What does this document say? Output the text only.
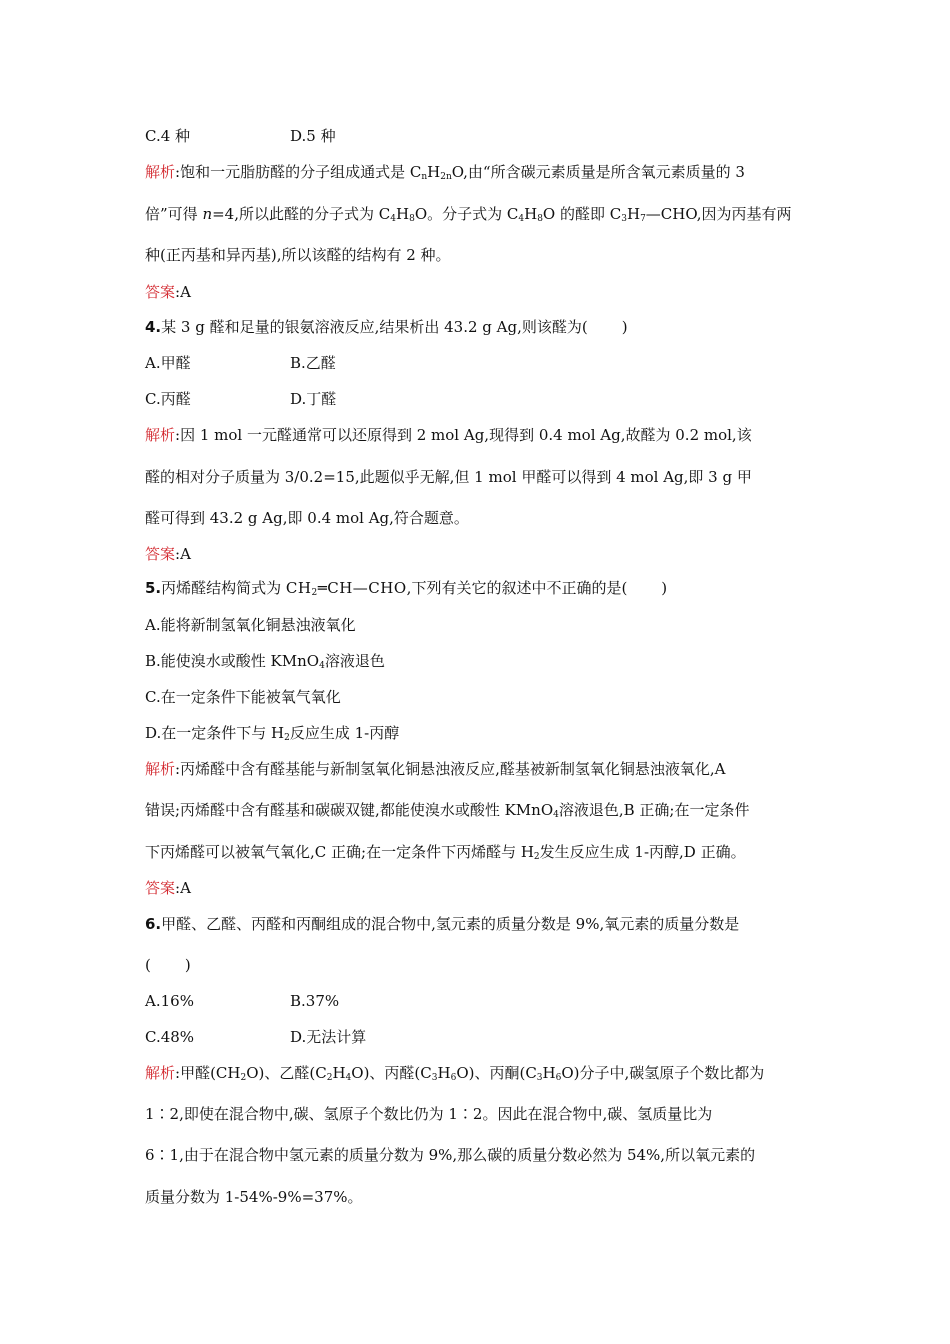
C.4 种	D.5 种
解析:饱和一元脂肪醛的分子组成通式是 $C_nH_{2n}O$,由“所含碳元素质量是所含氧元素质量的 3
倍”可得 n=4,所以此醛的分子式为 $C_4H_8O$。分子式为 $C_4H_8O$ 的醛即 $C_3H_7—CHO$,因为丙基有两
种(正丙基和异丙基),所以该醛的结构有 2 种。
答案:A
4.某 3 g 醛和足量的银氨溶液反应,结果析出 43.2 g Ag,则该醛为( )
A.甲醛	B.乙醛
C.丙醛	D.丁醛
解析:因 1 mol 一元醛通常可以还原得到 2 mol Ag,现得到 0.4 mol Ag,故醛为 0.2 mol,该
醛的相对分子质量为 3/0.2=15,此题似乎无解,但 1 mol 甲醛可以得到 4 mol Ag,即 3 g 甲
醛可得到 43.2 g Ag,即 0.4 mol Ag,符合题意。
答案:A
5.丙烯醛结构简式为 $CH_2═CH—CHO$,下列有关它的叙述中不正确的是( )
A.能将新制氢氧化铜悬浊液氧化
B.能使溴水或酸性 KMnO$_4$溶液退色
C.在一定条件下能被氧气氧化
D.在一定条件下与 $H_2$反应生成 1-丙醇
解析:丙烯醛中含有醛基能与新制氢氧化铜悬浊液反应,醛基被新制氢氧化铜悬浊液氧化,A
错误;丙烯醛中含有醛基和碳碳双键,都能使溴水或酸性 KMnO$_4$溶液退色,B 正确;在一定条件
下丙烯醛可以被氧气氧化,C 正确;在一定条件下丙烯醛与 $H_2$发生反应生成 1-丙醇,D 正确。
答案:A
6.甲醛、乙醛、丙醛和丙酮组成的混合物中,氢元素的质量分数是 9%,氧元素的质量分数是
( )
A.16%	B.37%
C.48%	D.无法计算
解析:甲醛$(CH_2O)$、乙醛$(C_2H_4O)$、丙醛$(C_3H_6O)$、丙酮$(C_3H_6O)$分子中,碳氢原子个数比都为
1∶2,即使在混合物中,碳、氢原子个数比仍为 1∶2。因此在混合物中,碳、氢质量比为
6∶1,由于在混合物中氢元素的质量分数为 9%,那么碳的质量分数必然为 54%,所以氧元素的
质量分数为 1-54%-9%=37%。
